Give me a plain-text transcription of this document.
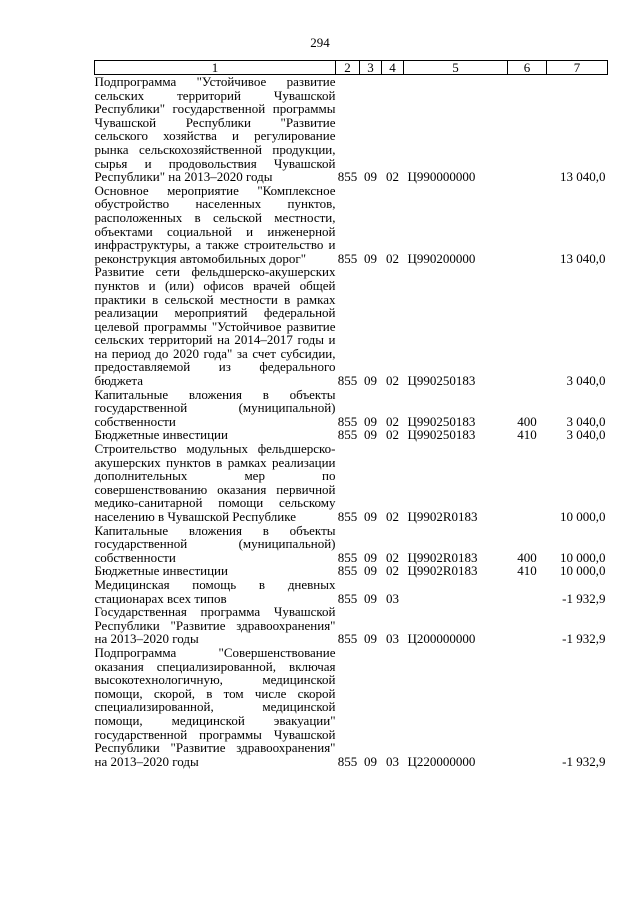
294
1	2	3	4	5	6	7
Подпрограмма "Устойчивое развитие сельских территорий Чувашской Республики" государственной программы Чувашской Республики "Развитие сельского хозяйства и регулирование рынка сельскохозяйственной продукции, сырья и продовольствия Чувашской Республики" на 2013–2020 годы	855	09	02	Ц990000000		13 040,0
Основное мероприятие "Комплексное обустройство населенных пунктов, расположенных в сельской местности, объектами социальной и инженерной инфраструктуры, а также строительство и реконструкция автомобильных дорог"	855	09	02	Ц990200000		13 040,0
Развитие сети фельдшерско-акушерских пунктов и (или) офисов врачей общей практики в сельской местности в рамках реализации мероприятий федеральной целевой программы "Устойчивое развитие сельских территорий на 2014–2017 годы и на период до 2020 года" за счет субсидии, предоставляемой из федерального бюджета	855	09	02	Ц990250183		3 040,0
Капитальные вложения в объекты государственной (муниципальной) собственности	855	09	02	Ц990250183	400	3 040,0
Бюджетные инвестиции	855	09	02	Ц990250183	410	3 040,0
Строительство модульных фельдшерско-акушерских пунктов в рамках реализации дополнительных мер по совершенствованию оказания первичной медико-санитарной помощи сельскому населению в Чувашской Республике	855	09	02	Ц9902R0183		10 000,0
Капитальные вложения в объекты государственной (муниципальной) собственности	855	09	02	Ц9902R0183	400	10 000,0
Бюджетные инвестиции	855	09	02	Ц9902R0183	410	10 000,0
Медицинская помощь в дневных стационарах всех типов	855	09	03			-1 932,9
Государственная программа Чувашской Республики "Развитие здравоохранения" на 2013–2020 годы	855	09	03	Ц200000000		-1 932,9
Подпрограмма "Совершенствование оказания специализированной, включая высокотехнологичную, медицинской помощи, скорой, в том числе скорой специализированной, медицинской помощи, медицинской эвакуации" государственной программы Чувашской Республики "Развитие здравоохранения" на 2013–2020 годы	855	09	03	Ц220000000		-1 932,9
